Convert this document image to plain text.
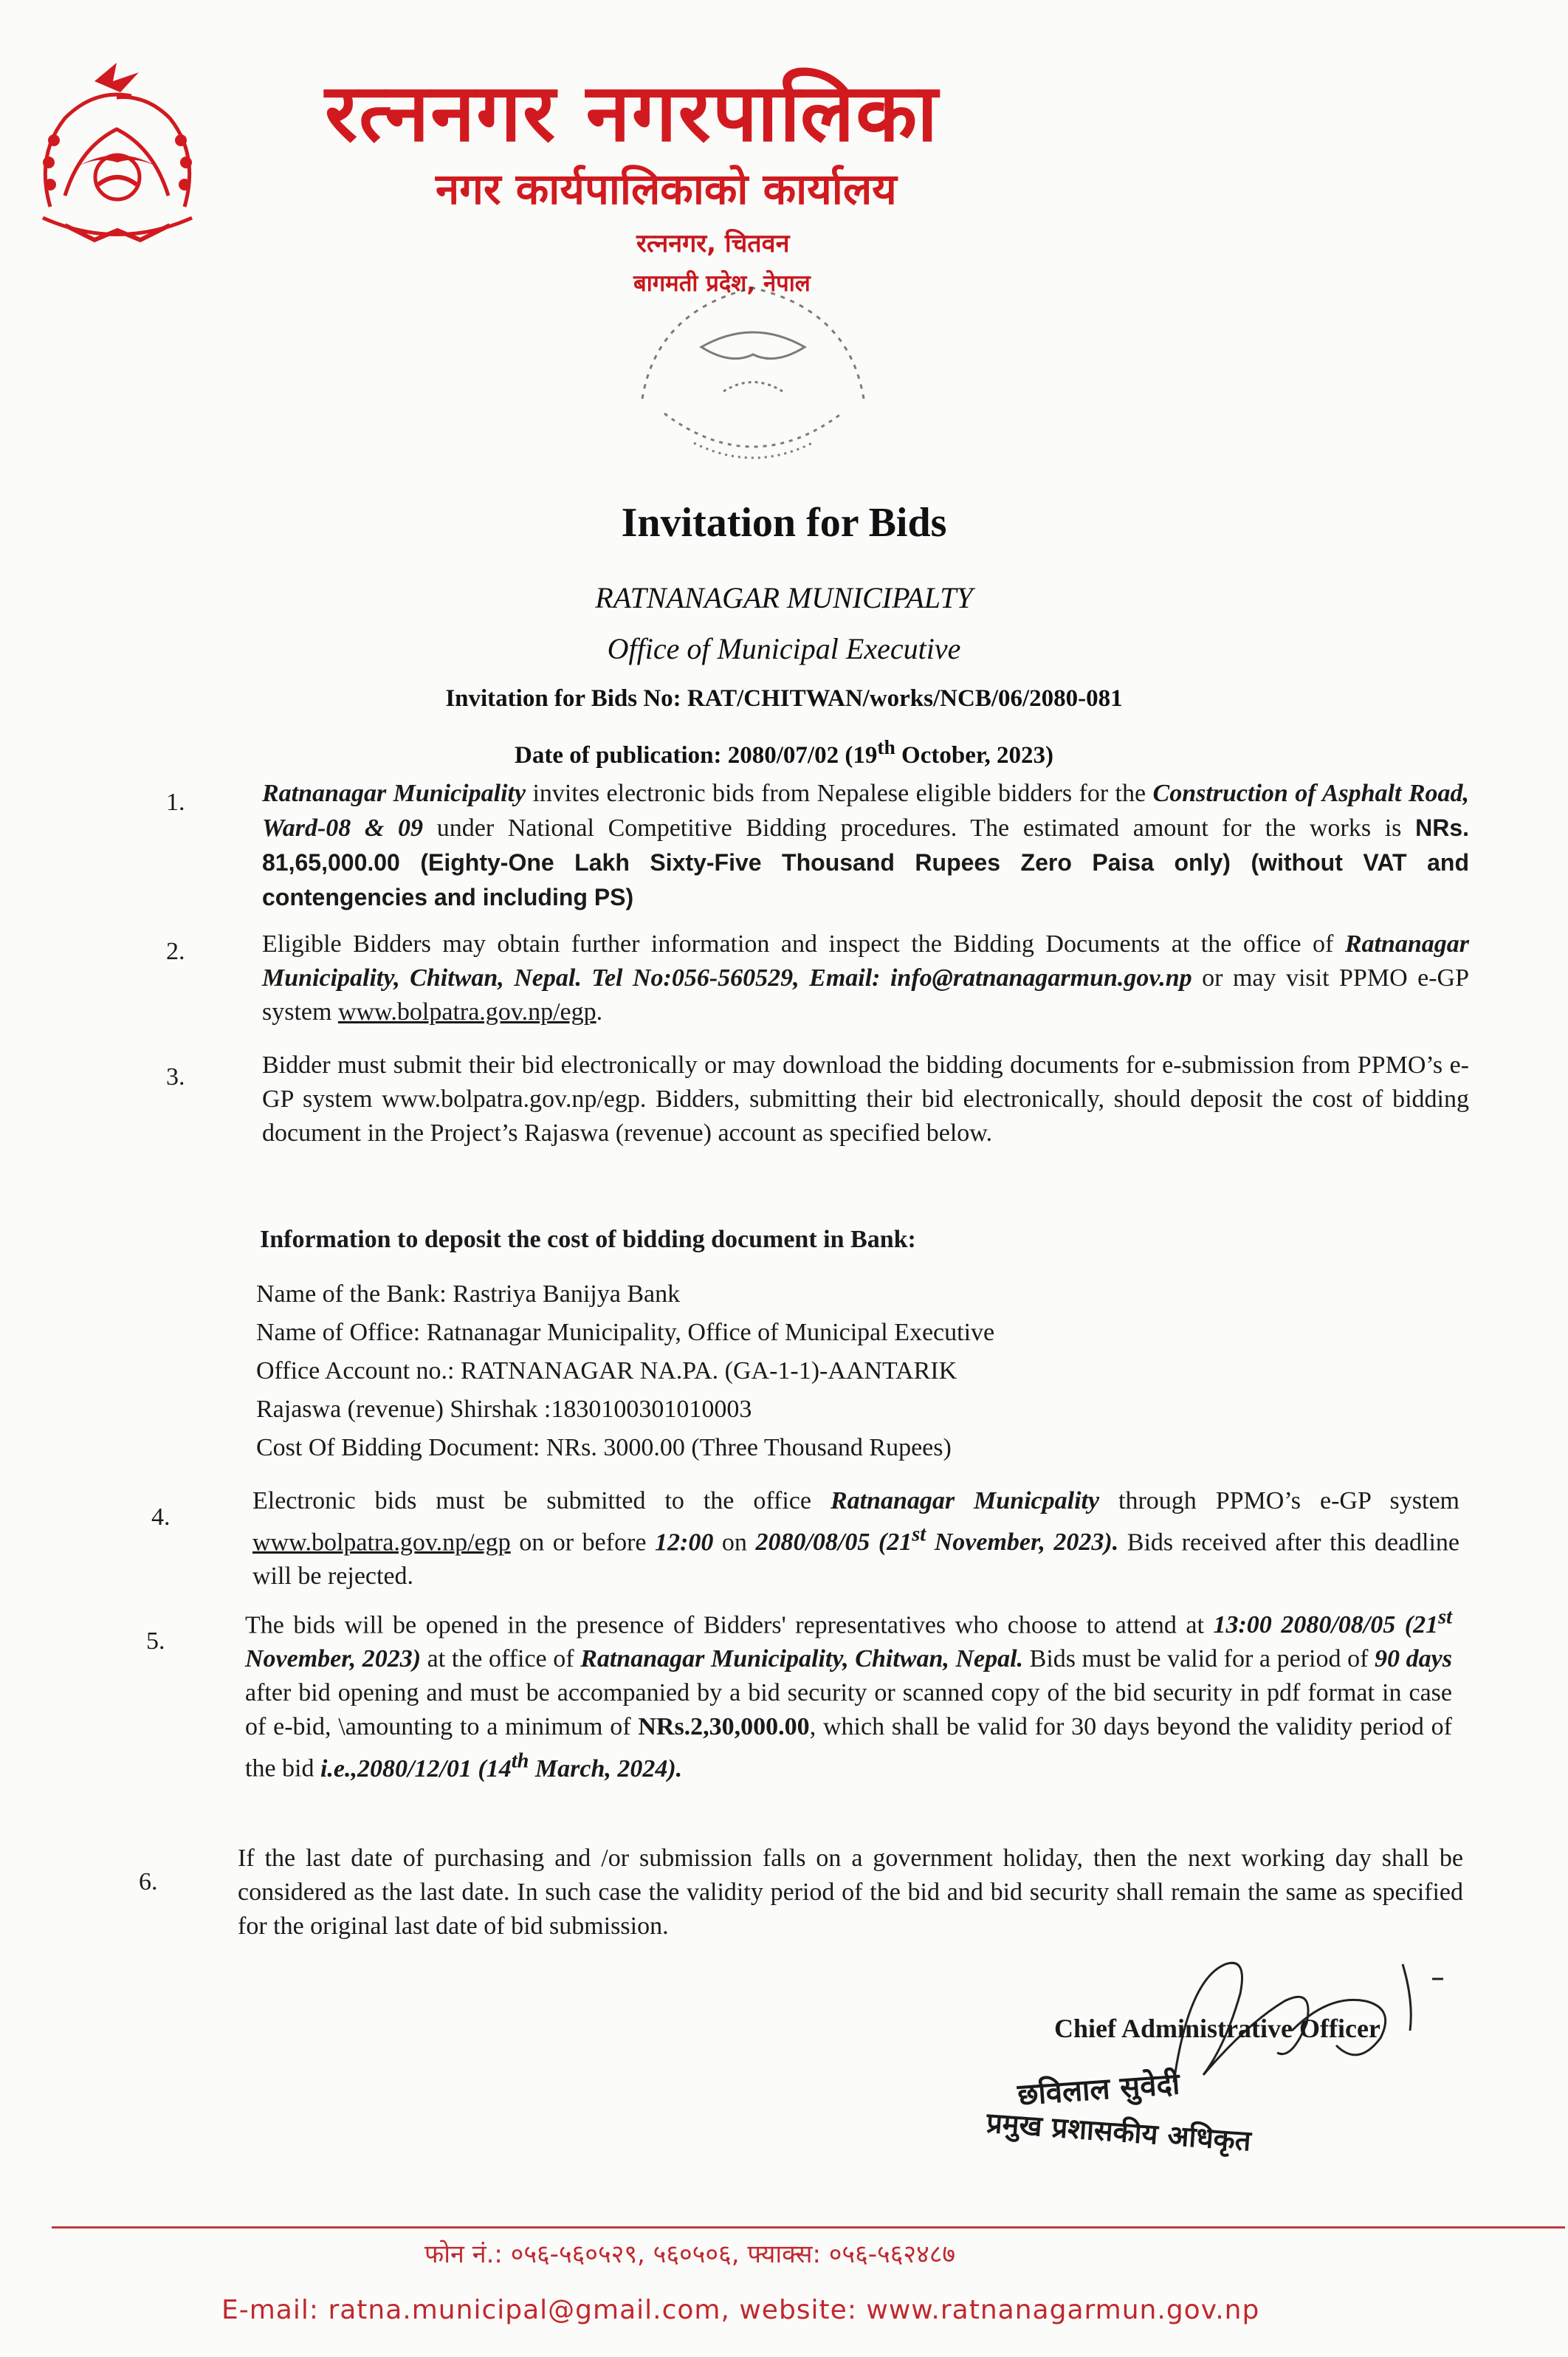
रत्ननगर नगरपालिका
नगर कार्यपालिकाको कार्यालय
रत्ननगर, चितवन
बागमती प्रदेश, नेपाल
Invitation for Bids
RATNANAGAR MUNICIPALTY
Office of Municipal Executive
Invitation for Bids No: RAT/CHITWAN/works/NCB/06/2080-081
Date of publication: 2080/07/02 (19th October, 2023)
1.	Ratnanagar Municipality invites electronic bids from Nepalese eligible bidders for the Construction of Asphalt Road, Ward-08 & 09 under National Competitive Bidding procedures. The estimated amount for the works is NRs. 81,65,000.00 (Eighty-One Lakh Sixty-Five Thousand Rupees Zero Paisa only) (without VAT and contengencies and including PS)
2.	Eligible Bidders may obtain further information and inspect the Bidding Documents at the office of Ratnanagar Municipality, Chitwan, Nepal. Tel No:056-560529, Email: info@ratnanagarmun.gov.np or may visit PPMO e-GP system www.bolpatra.gov.np/egp.
3.	Bidder must submit their bid electronically or may download the bidding documents for e-submission from PPMO’s e-GP system www.bolpatra.gov.np/egp. Bidders, submitting their bid electronically, should deposit the cost of bidding document in the Project’s Rajaswa (revenue) account as specified below.
Information to deposit the cost of bidding document in Bank:
Name of the Bank: Rastriya Banijya Bank
Name of Office: Ratnanagar Municipality, Office of Municipal Executive
Office Account no.: RATNANAGAR NA.PA. (GA-1-1)-AANTARIK
Rajaswa (revenue) Shirshak :1830100301010003
Cost Of Bidding Document: NRs. 3000.00 (Three Thousand Rupees)
4.
Electronic bids must be submitted to the office Ratnanagar Municpality through PPMO’s e-GP system www.bolpatra.gov.np/egp on or before 12:00 on 2080/08/05 (21st November, 2023). Bids received after this deadline will be rejected.
5.
The bids will be opened in the presence of Bidders' representatives who choose to attend at 13:00 2080/08/05 (21st November, 2023) at the office of Ratnanagar Municipality, Chitwan, Nepal. Bids must be valid for a period of 90 days after bid opening and must be accompanied by a bid security or scanned copy of the bid security in pdf format in case of e-bid, \amounting to a minimum of NRs.2,30,000.00, which shall be valid for 30 days beyond the validity period of the bid i.e.,2080/12/01 (14th March, 2024).
6.
If the last date of purchasing and /or submission falls on a government holiday, then the next working day shall be considered as the last date. In such case the validity period of the bid and bid security shall remain the same as specified for the original last date of bid submission.
Chief Administrative Officer
छविलाल सुवेदी
प्रमुख प्रशासकीय अधिकृत
फोन नं.: ०५६-५६०५२९, ५६०५०६, फ्याक्स: ०५६-५६२४८७
E-mail: ratna.municipal@gmail.com, website: www.ratnanagarmun.gov.np
